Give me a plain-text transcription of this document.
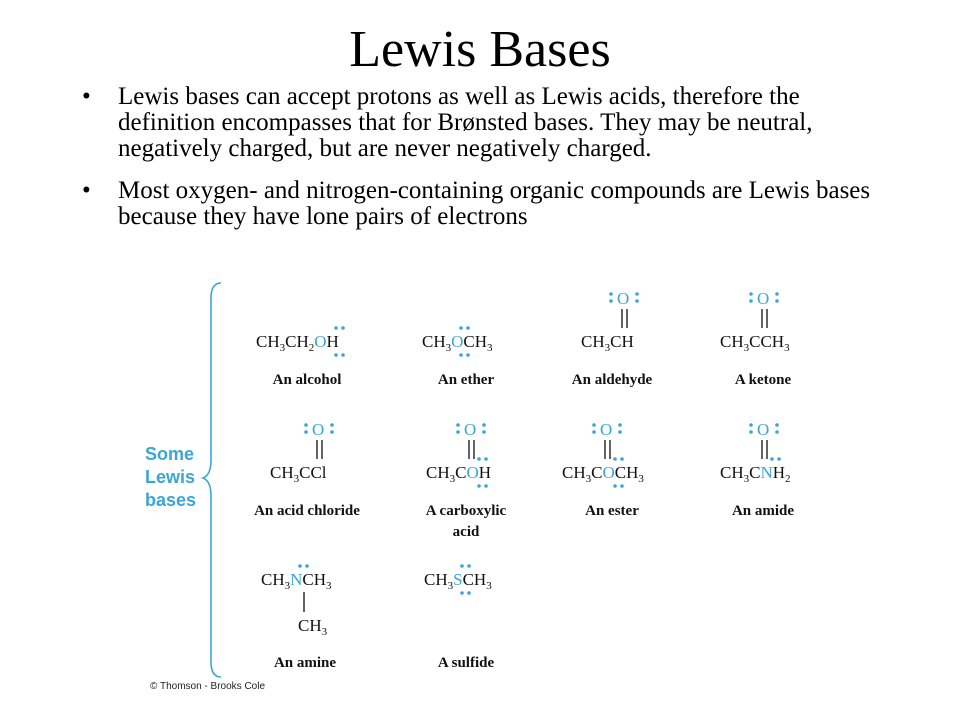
Lewis Bases
• Lewis bases can accept protons as well as Lewis acids, therefore the definition encompasses that for Brønsted bases. They may be neutral, negatively charged, but are never negatively charged.
• Most oxygen- and nitrogen-containing organic compounds are Lewis bases because they have lone pairs of electrons
Some
Lewis
bases
$CH_3CH_2OH$
An alcohol
$CH_3OCH_3$
An ether
O
$CH_3CH$
An aldehyde
O
$CH_3CCH_3$
A ketone
O
$CH_3CCl$
An acid chloride
O
$CH_3COH$
A carboxylic
acid
O
$CH_3COCH_3$
An ester
O
$CH_3CNH_2$
An amide
$CH_3NCH_3$
$CH_3$
An amine
$CH_3SCH_3$
A sulfide
© Thomson - Brooks Cole
